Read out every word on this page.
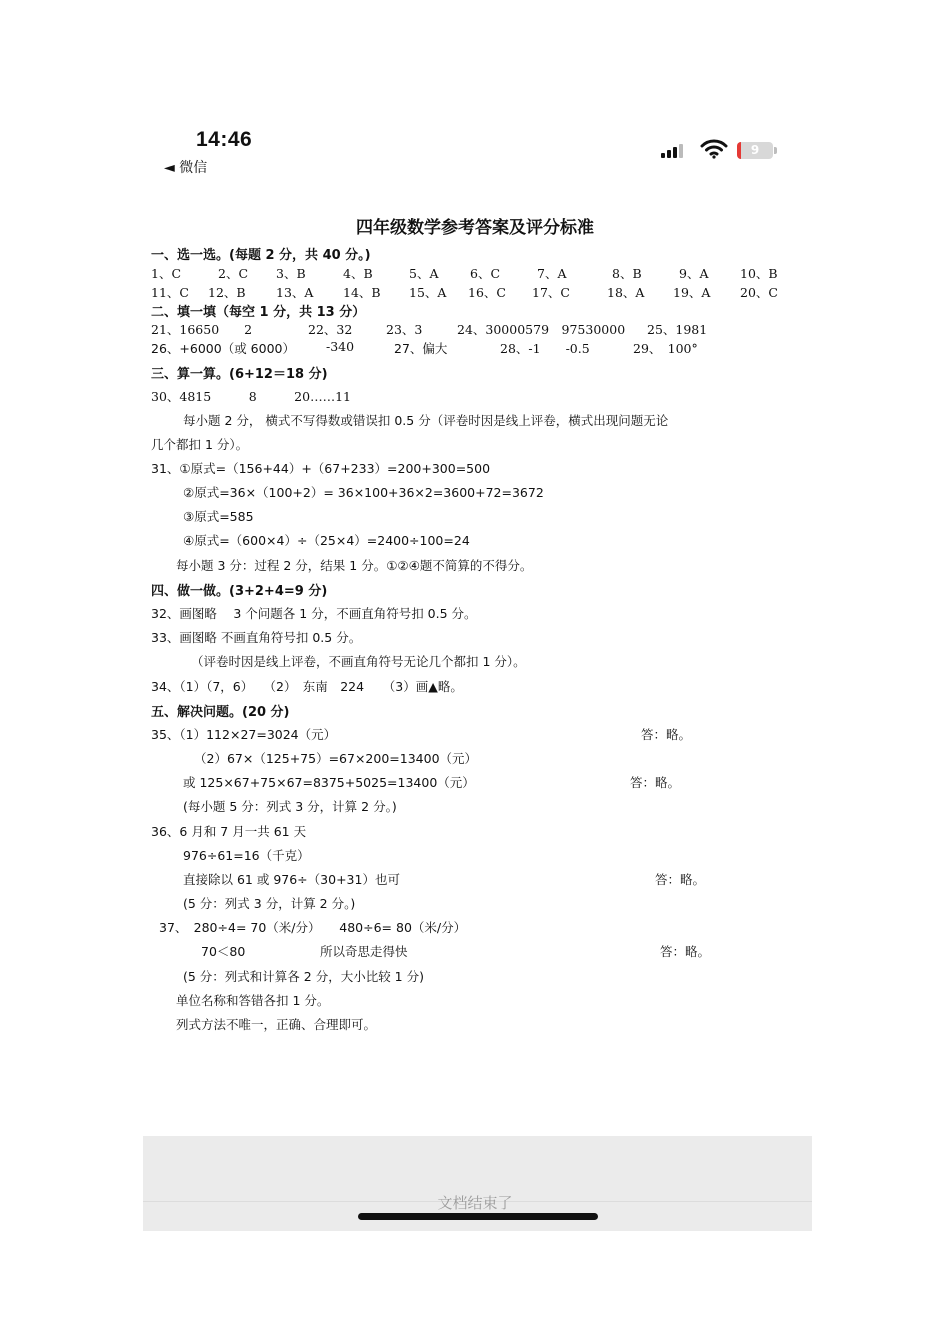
14:46
◄ 微信
9
四年级数学参考答案及评分标准
一、选一选。(每题 2 分，共 40 分。)
1、C	2、C 3、B	4、B	5、A	6、C	7、A	8、B	9、A	10、B
11、C 12、B 13、A 14、B 15、A 16、C 17、C	18、A 19、A 20、C
二、填一填（每空 1 分，共 13 分）
21、16650　　2	22、32	23、3	24、30000579　97530000 25、1981
26、+6000（或 6000） -340	27、偏大	28、-1　　-0.5	29、　100°
三、算一算。(6+12＝18 分)
30、4815　　　8　　　20……11
每小题 2 分， 横式不写得数或错误扣 0.5 分（评卷时因是线上评卷，横式出现问题无论
几个都扣 1 分）。
31、①原式=（156+44）+（67+233）=200+300=500
②原式=36×（100+2）= 36×100+36×2=3600+72=3672
③原式=585
④原式=（600×4）÷（25×4）=2400÷100=24
每小题 3 分：过程 2 分，结果 1 分。①②④题不简算的不得分。
四、做一做。(3+2+4=9 分)
32、画图略　 3 个问题各 1 分，不画直角符号扣 0.5 分。
33、画图略 不画直角符号扣 0.5 分。
（评卷时因是线上评卷，不画直角符号无论几个都扣 1 分）。
34、（1）（7，6）　 （2）　东南　224　　（3）画▲略。
五、解决问题。(20 分)
35、（1）112×27=3024（元）	答：略。
（2）67×（125+75）=67×200=13400（元）
或 125×67+75×67=8375+5025=13400（元）	答：略。
(每小题 5 分：列式 3 分，计算 2 分。)
36、6 月和 7 月一共 61 天
976÷61=16（千克）
直接除以 61 或 976÷（30+31）也可	答：略。
(5 分：列式 3 分，计算 2 分。)
37、　280÷4= 70（米/分）　　480÷6= 80（米/分）
70＜80	所以奇思走得快	答：略。
(5 分：列式和计算各 2 分，大小比较 1 分)
单位名称和答错各扣 1 分。
列式方法不唯一，正确、合理即可。
文档结束了
